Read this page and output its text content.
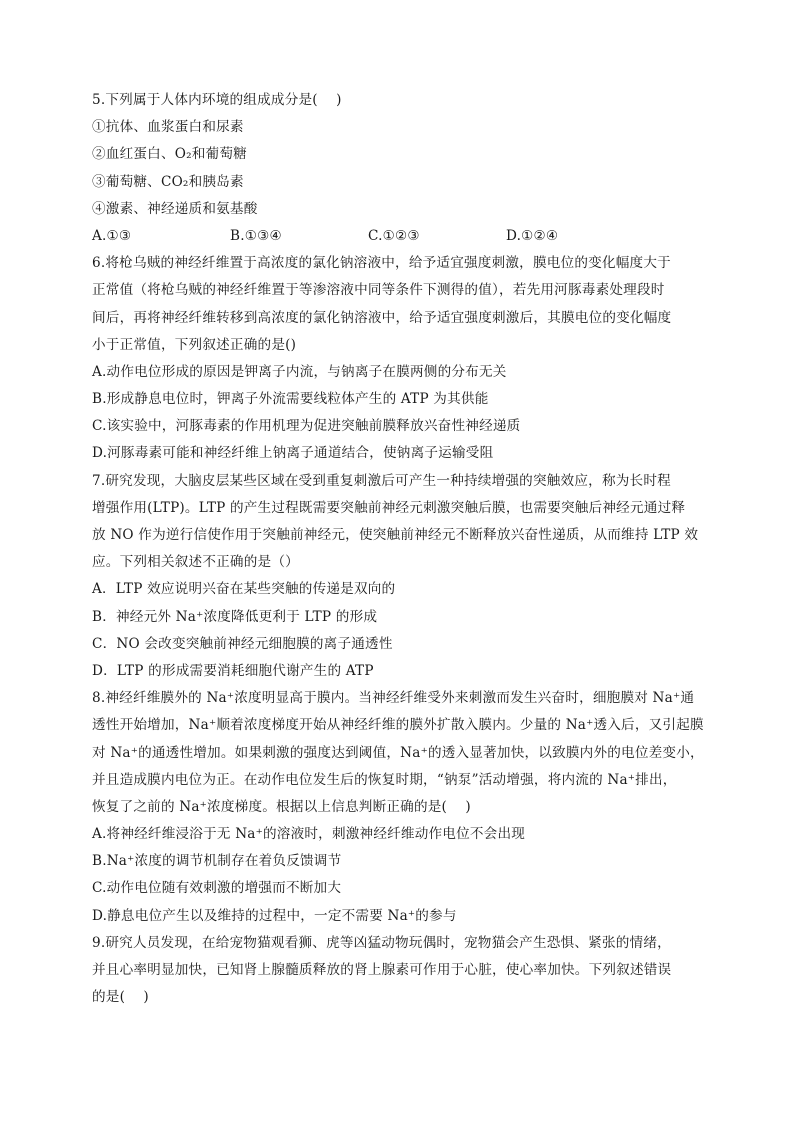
5.下列属于人体内环境的组成成分是(　 )
①抗体、血浆蛋白和尿素
②血红蛋白、O₂和葡萄糖
③葡萄糖、CO₂和胰岛素
④激素、神经递质和氨基酸
A.①③	B.①③④	C.①②③	D.①②④
6.将枪乌贼的神经纤维置于高浓度的氯化钠溶液中，给予适宜强度刺激，膜电位的变化幅度大于
正常值（将枪乌贼的神经纤维置于等渗溶液中同等条件下测得的值），若先用河豚毒素处理段时
间后，再将神经纤维转移到高浓度的氯化钠溶液中，给予适宜强度刺激后，其膜电位的变化幅度
小于正常值，下列叙述正确的是()
A.动作电位形成的原因是钾离子内流，与钠离子在膜两侧的分布无关
B.形成静息电位时，钾离子外流需要线粒体产生的 ATP 为其供能
C.该实验中，河豚毒素的作用机理为促进突触前膜释放兴奋性神经递质
D.河豚毒素可能和神经纤维上钠离子通道结合，使钠离子运输受阻
7.研究发现，大脑皮层某些区域在受到重复刺激后可产生一种持续增强的突触效应，称为长时程
增强作用(LTP)。LTP 的产生过程既需要突触前神经元刺激突触后膜，也需要突触后神经元通过释
放 NO 作为逆行信使作用于突触前神经元，使突触前神经元不断释放兴奋性递质，从而维持 LTP 效
应。下列相关叙述不正确的是（）
A．LTP 效应说明兴奋在某些突触的传递是双向的
B．神经元外 Na⁺浓度降低更利于 LTP 的形成
C．NO 会改变突触前神经元细胞膜的离子通透性
D．LTP 的形成需要消耗细胞代谢产生的 ATP
8.神经纤维膜外的 Na⁺浓度明显高于膜内。当神经纤维受外来刺激而发生兴奋时，细胞膜对 Na⁺通
透性开始增加，Na⁺顺着浓度梯度开始从神经纤维的膜外扩散入膜内。少量的 Na⁺透入后，又引起膜
对 Na⁺的通透性增加。如果刺激的强度达到阈值，Na⁺的透入显著加快，以致膜内外的电位差变小，
并且造成膜内电位为正。在动作电位发生后的恢复时期，“钠泵”活动增强，将内流的 Na⁺排出，
恢复了之前的 Na⁺浓度梯度。根据以上信息判断正确的是(　 )
A.将神经纤维浸浴于无 Na⁺的溶液时，刺激神经纤维动作电位不会出现
B.Na⁺浓度的调节机制存在着负反馈调节
C.动作电位随有效刺激的增强而不断加大
D.静息电位产生以及维持的过程中，一定不需要 Na⁺的参与
9.研究人员发现，在给宠物猫观看狮、虎等凶猛动物玩偶时，宠物猫会产生恐惧、紧张的情绪，
并且心率明显加快，已知肾上腺髓质释放的肾上腺素可作用于心脏，使心率加快。下列叙述错误
的是(　 )
